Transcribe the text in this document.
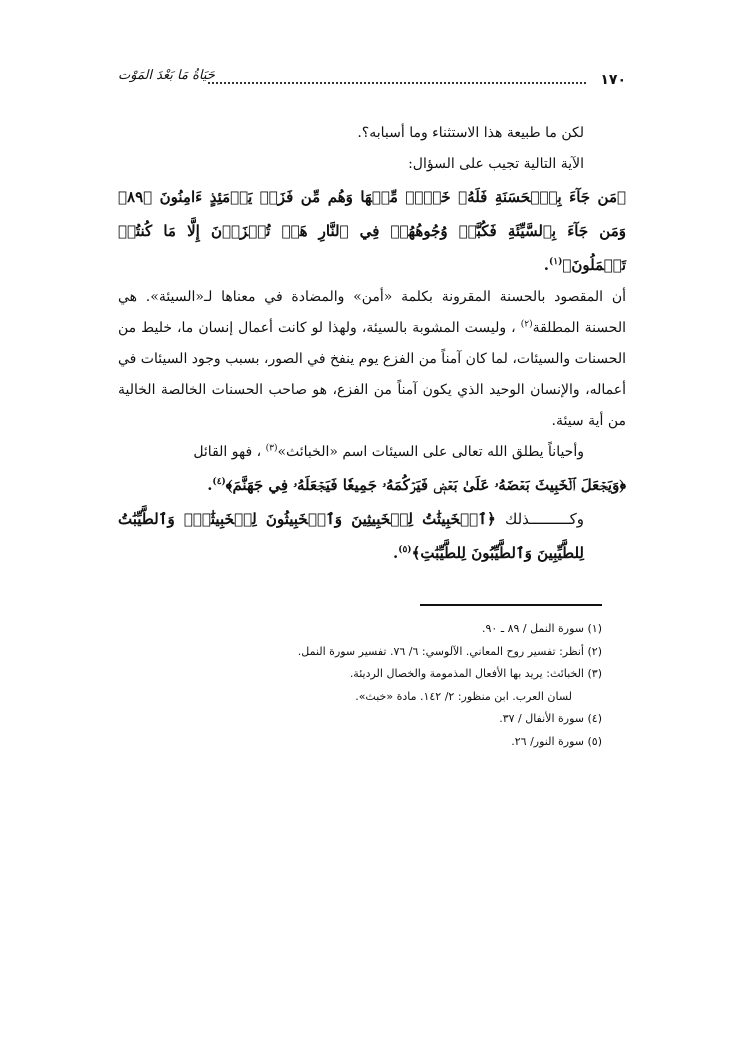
١٧٠
حَيَاةُ مَا بَعْدَ المَوْت

لكن ما طبيعة هذا الاستثناء وما أسبابه؟.

الآية التالية تجيب على السؤال:

﴿مَن جَآءَ بِٱلۡحَسَنَةِ فَلَهُۥ خَيۡرٞ مِّنۡهَا وَهُم مِّن فَزَعٖ يَوۡمَئِذٍ ءَامِنُونَ ﴿٨٩﴾ وَمَن جَآءَ بِٱلسَّيِّئَةِ فَكُبَّتۡ وُجُوهُهُمۡ فِي ٱلنَّارِ هَلۡ تُجۡزَوۡنَ إِلَّا مَا كُنتُمۡ تَعۡمَلُونَ﴾$^{(١)}$.

أن المقصود بالحسنة المقرونة بكلمة «أمن» والمضادة في معناها لـ«السيئة». هي الحسنة المطلقة$^{(٢)}$ ، وليست المشوبة بالسيئة، ولهذا لو كانت أعمال إنسان ما، خليط من الحسنات والسيئات، لما كان آمناً من الفزع يوم ينفخ في الصور، بسبب وجود السيئات في أعماله، والإنسان الوحيد الذي يكون آمناً من الفزع، هو صاحب الحسنات الخالصة الخالية من أية سيئة.

وأحياناً يطلق الله تعالى على السيئات اسم «الخبائث»$^{(٣)}$ ، فهو القائل

﴿وَيَجۡعَلَ ٱلۡخَبِيثَ بَعۡضَهُۥ عَلَىٰ بَعۡضٖ فَيَرۡكُمَهُۥ جَمِيعٗا فَيَجۡعَلَهُۥ فِي جَهَنَّمَ﴾$^{(٤)}$.

وكـــــــــذلك ﴿ٱلۡخَبِيثَٰتُ لِلۡخَبِيثِينَ وَٱلۡخَبِيثُونَ لِلۡخَبِيثَٰتِۖ وَٱلطَّيِّبَٰتُ لِلطَّيِّبِينَ وَٱلطَّيِّبُونَ لِلطَّيِّبَٰتِ﴾$^{(٥)}$.

(١) سورة النمل / ٨٩ ـ ٩٠.

(٢) أنظر: تفسير روح المعاني. الآلوسي: ٦/ ٧٦. تفسير سورة النمل.

(٣) الخبائث: يريد بها الأفعال المذمومة والخصال الرديئة.

لسان العرب. ابن منظور: ٢/ ١٤٢. مادة «خبث».

(٤) سورة الأنفال / ٣٧.

(٥) سورة النور/ ٢٦.
